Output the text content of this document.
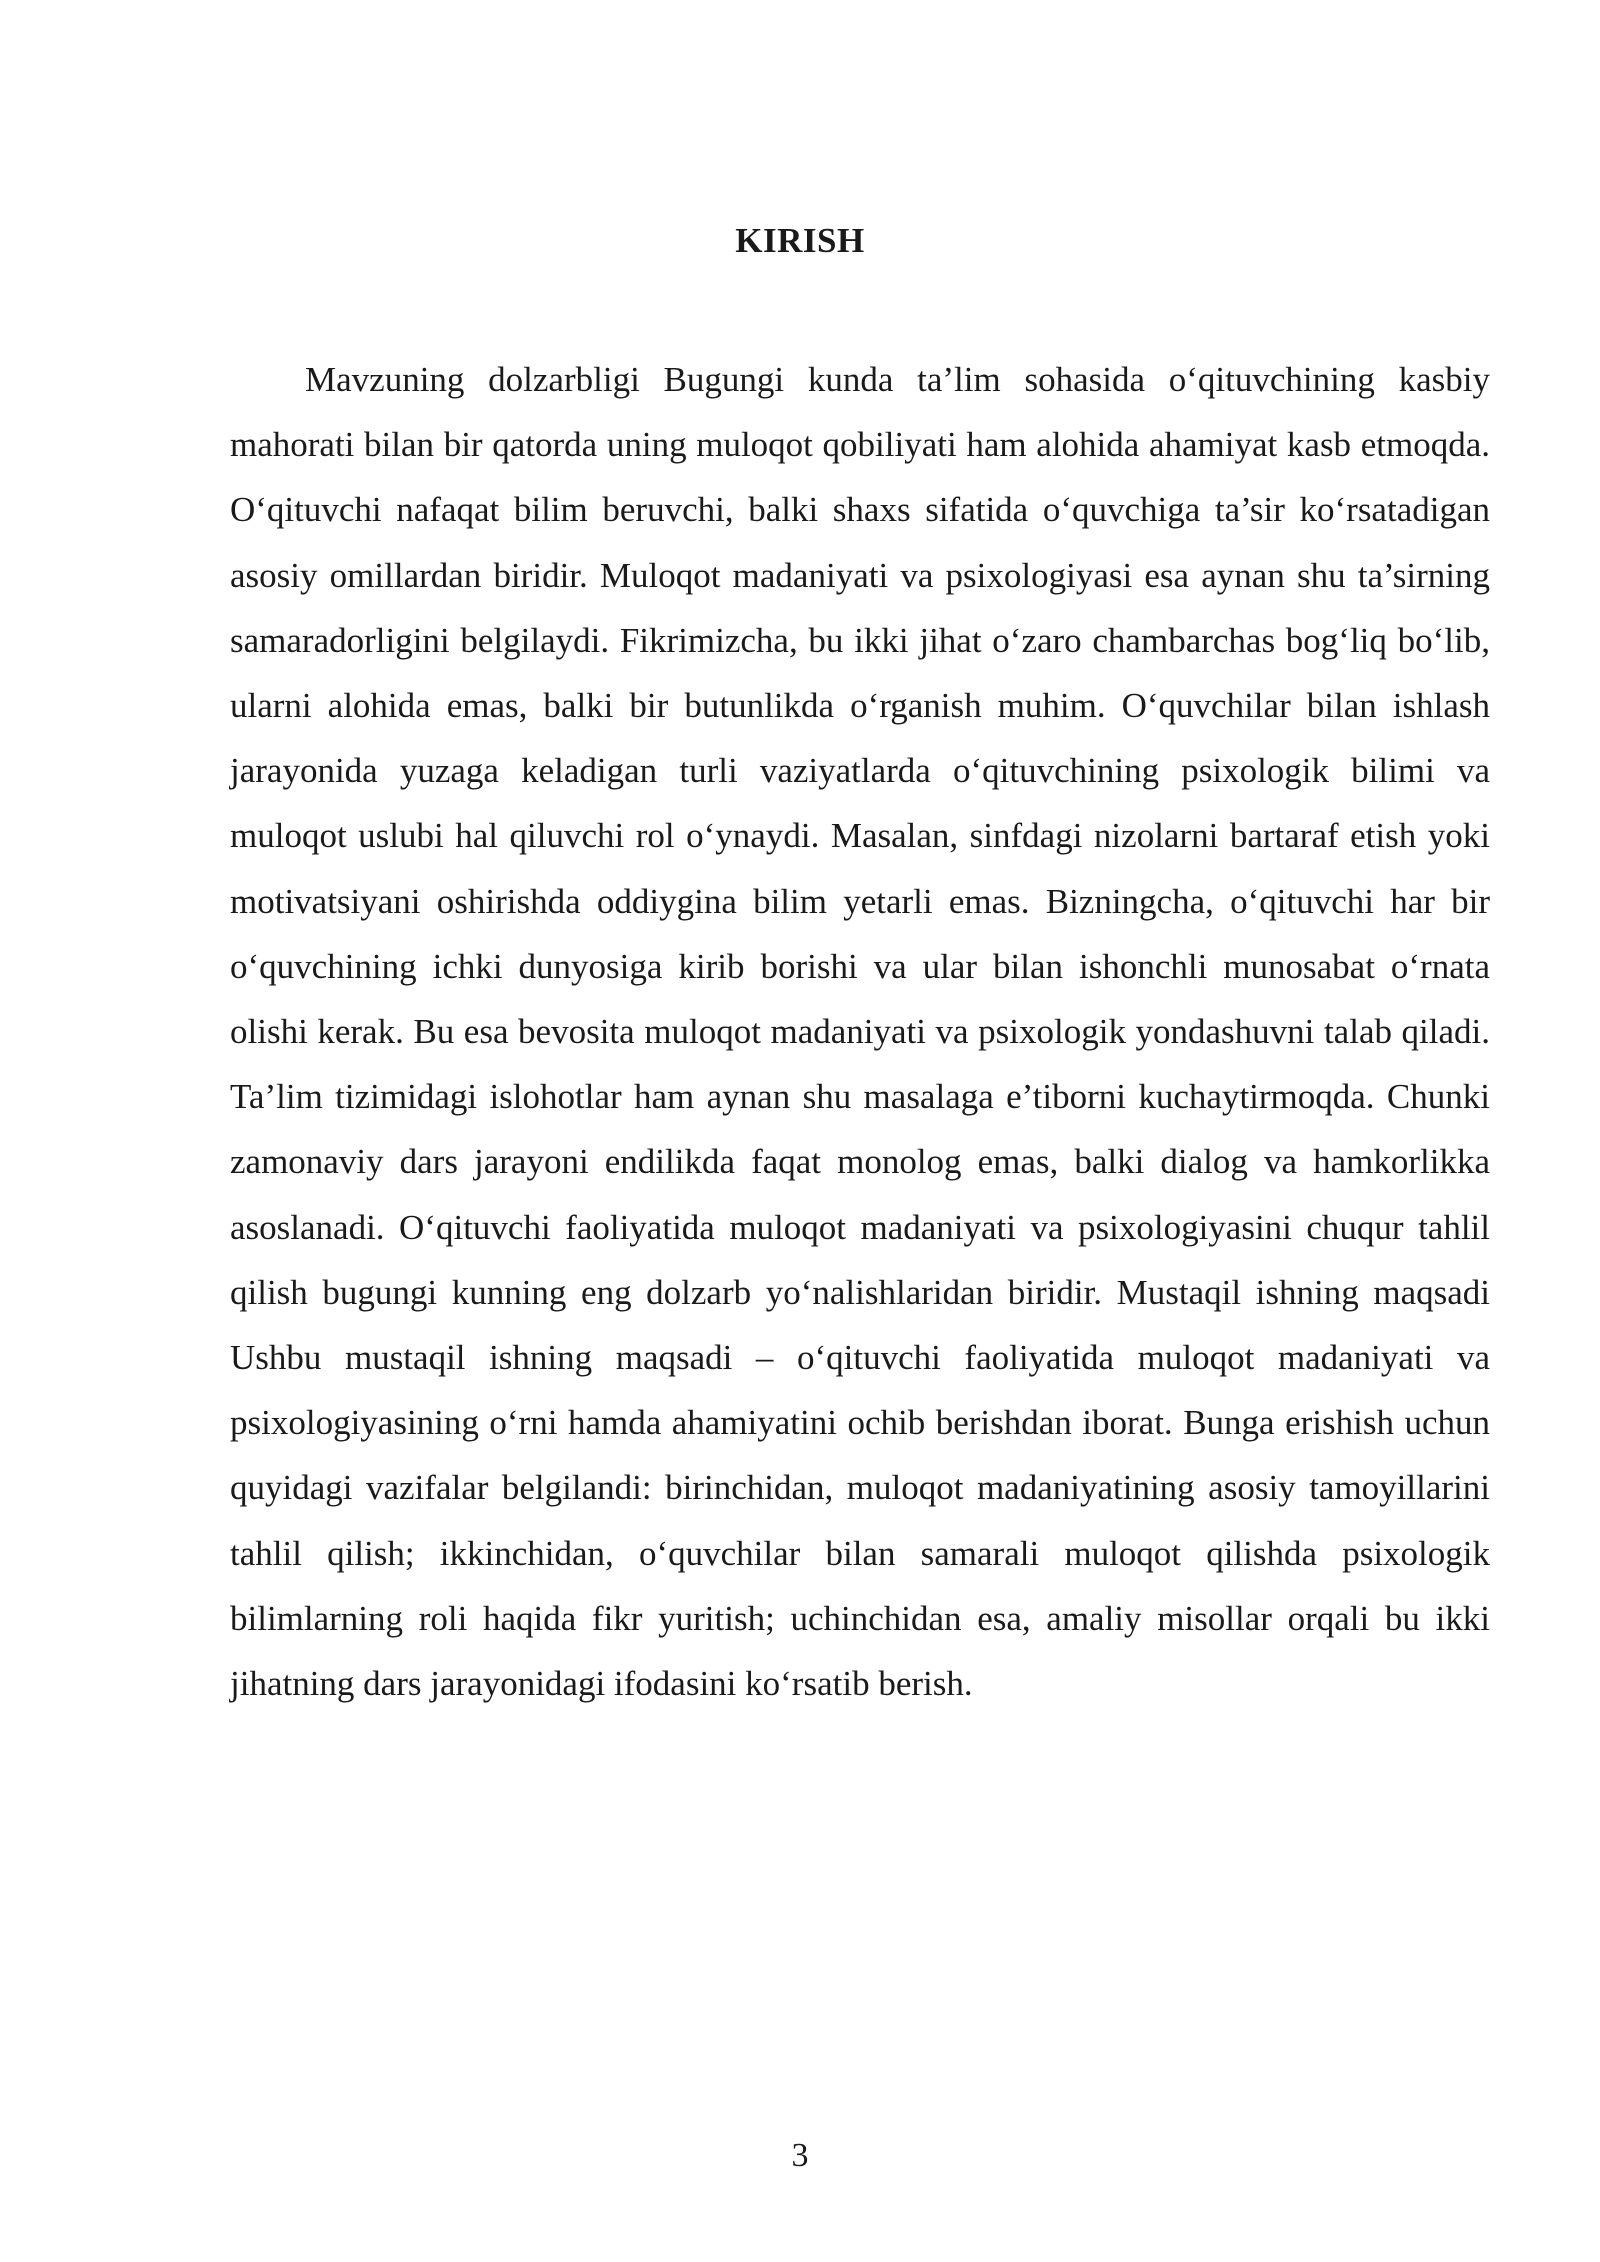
KIRISH

Mavzuning dolzarbligi Bugungi kunda ta’lim sohasida o‘qituvchining kasbiy mahorati bilan bir qatorda uning muloqot qobiliyati ham alohida ahamiyat kasb etmoqda. O‘qituvchi nafaqat bilim beruvchi, balki shaxs sifatida o‘quvchiga ta’sir ko‘rsatadigan asosiy omillardan biridir. Muloqot madaniyati va psixologiyasi esa aynan shu ta’sirning samaradorligini belgilaydi. Fikrimizcha, bu ikki jihat o‘zaro chambarchas bog‘liq bo‘lib, ularni alohida emas, balki bir butunlikda o‘rganish muhim. O‘quvchilar bilan ishlash jarayonida yuzaga keladigan turli vaziyatlarda o‘qituvchining psixologik bilimi va muloqot uslubi hal qiluvchi rol o‘ynaydi. Masalan, sinfdagi nizolarni bartaraf etish yoki motivatsiyani oshirishda oddiygina bilim yetarli emas. Bizningcha, o‘qituvchi har bir o‘quvchining ichki dunyosiga kirib borishi va ular bilan ishonchli munosabat o‘rnata olishi kerak. Bu esa bevosita muloqot madaniyati va psixologik yondashuvni talab qiladi. Ta’lim tizimidagi islohotlar ham aynan shu masalaga e’tiborni kuchaytirmoqda. Chunki zamonaviy dars jarayoni endilikda faqat monolog emas, balki dialog va hamkorlikka asoslanadi. O‘qituvchi faoliyatida muloqot madaniyati va psixologiyasini chuqur tahlil qilish bugungi kunning eng dolzarb yo‘nalishlaridan biridir. Mustaqil ishning maqsadi Ushbu mustaqil ishning maqsadi – o‘qituvchi faoliyatida muloqot madaniyati va psixologiyasining o‘rni hamda ahamiyatini ochib berishdan iborat. Bunga erishish uchun quyidagi vazifalar belgilandi: birinchidan, muloqot madaniyatining asosiy tamoyillarini tahlil qilish; ikkinchidan, o‘quvchilar bilan samarali muloqot qilishda psixologik bilimlarning roli haqida fikr yuritish; uchinchidan esa, amaliy misollar orqali bu ikki jihatning dars jarayonidagi ifodasini ko‘rsatib berish.

3
